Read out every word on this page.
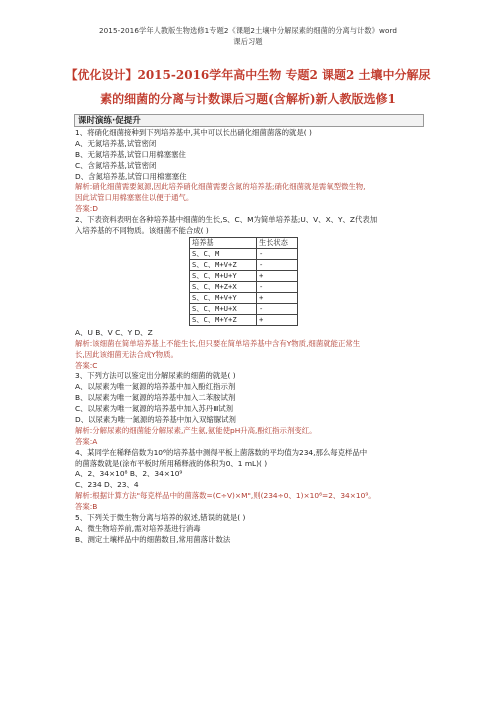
2015-2016学年人教版生物选修1专题2《课题2土壤中分解尿素的细菌的分离与计数》word
课后习题
【优化设计】2015-2016学年高中生物 专题2 课题2 土壤中分解尿
素的细菌的分离与计数课后习题(含解析)新人教版选修1
课时演练·促提升
1、将硝化细菌接种到下列培养基中,其中可以长出硝化细菌菌落的就是( )
A、无氮培养基,试管密闭
B、无氮培养基,试管口用棉塞塞住
C、含氮培养基,试管密闭
D、含氮培养基,试管口用棉塞塞住
解析:硝化细菌需要氮源,因此培养硝化细菌需要含氮的培养基;硝化细菌就是需氧型微生物,
因此试管口用棉塞塞住以便于通气。
答案:D
2、下表资料表明在各种培养基中细菌的生长,S、C、M为简单培养基;U、V、X、Y、Z代表加
入培养基的不同物质。该细菌不能合成( )
培养基	生长状态
S、C、M	-
S、C、M+V+Z	-
S、C、M+U+Y	+
S、C、M+Z+X	-
S、C、M+V+Y	+
S、C、M+U+X	-
S、C、M+Y+Z	+
A、U B、V C、Y D、Z
解析:该细菌在简单培养基上不能生长,但只要在简单培养基中含有Y物质,细菌就能正常生
长,因此该细菌无法合成Y物质。
答案:C
3、下列方法可以鉴定出分解尿素的细菌的就是( )
A、以尿素为唯一氮源的培养基中加入酚红指示剂
B、以尿素为唯一氮源的培养基中加入二苯胺试剂
C、以尿素为唯一氮源的培养基中加入苏丹Ⅲ试剂
D、以尿素为唯一氮源的培养基中加入双缩脲试剂
解析:分解尿素的细菌能分解尿素,产生氨,氨能使pH升高,酚红指示剂变红。
答案:A
4、某同学在稀释倍数为10⁶的培养基中测得平板上菌落数的平均值为234,那么每克样品中
的菌落数就是(涂布平板时所用稀释液的体积为0、1 mL)( )
A、2、34×10⁸ B、2、34×10⁹
C、234 D、23、4
解析:根据计算方法"每克样品中的菌落数=(C÷V)×M",则(234÷0、1)×10⁶=2、34×10⁹。
答案:B
5、下列关于微生物分离与培养的叙述,错误的就是( )
A、微生物培养前,需对培养基进行消毒
B、测定土壤样品中的细菌数目,常用菌落计数法
